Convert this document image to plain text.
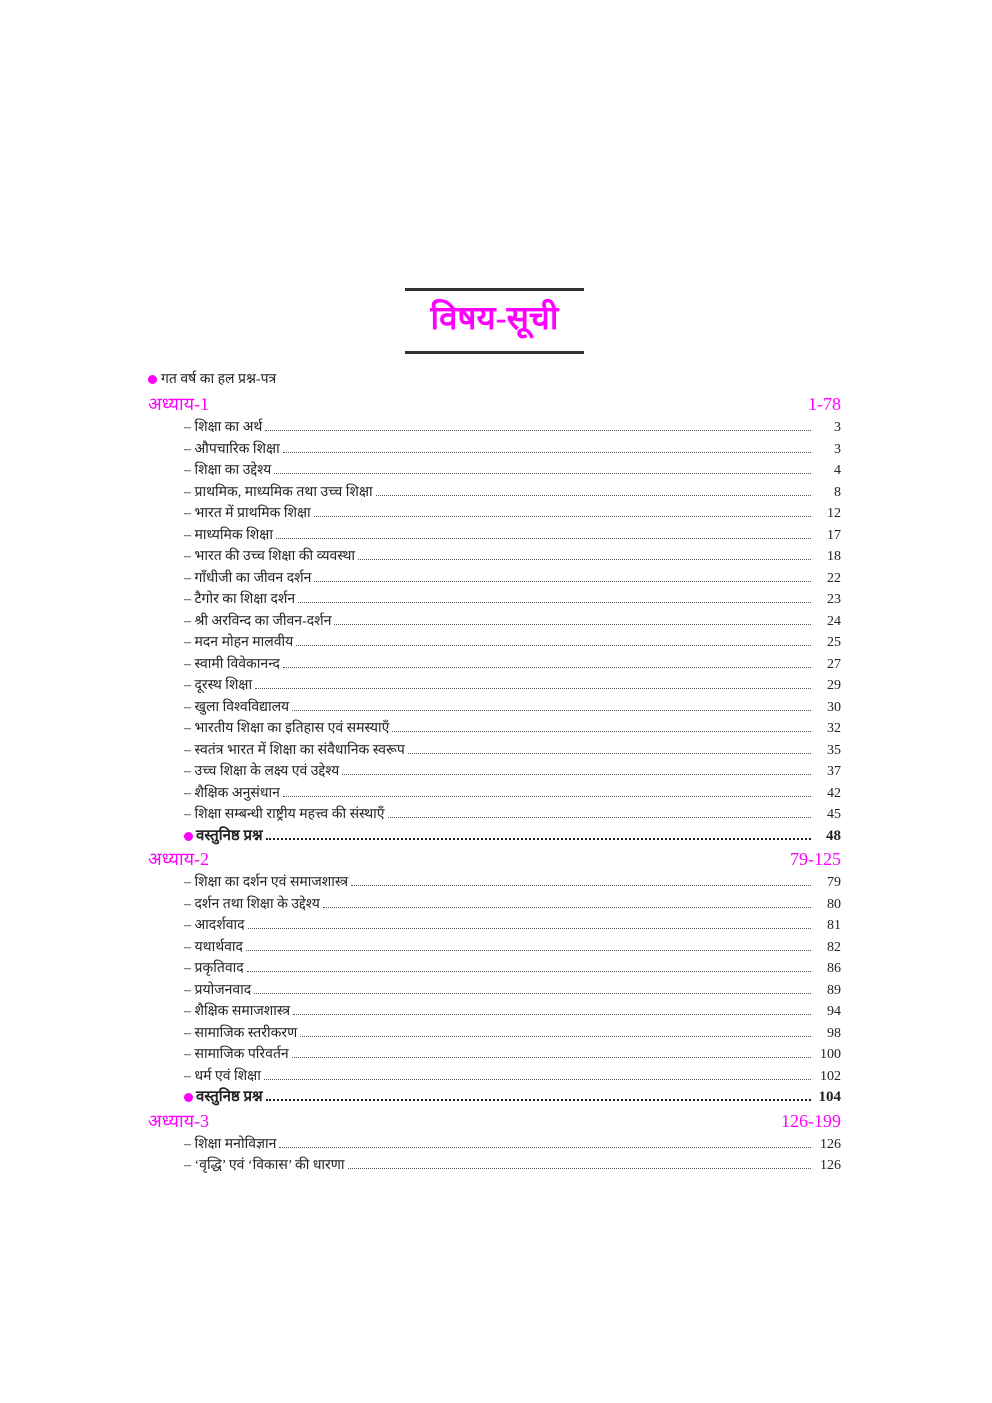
विषय-सूची
गत वर्ष का हल प्रश्न-पत्र
अध्याय-1	1-78
– शिक्षा का अर्थ	3
– औपचारिक शिक्षा	3
– शिक्षा का उद्देश्य	4
– प्राथमिक, माध्यमिक तथा उच्च शिक्षा	8
– भारत में प्राथमिक शिक्षा	12
– माध्यमिक शिक्षा	17
– भारत की उच्च शिक्षा की व्यवस्था	18
– गाँधीजी का जीवन दर्शन	22
– टैगोर का शिक्षा दर्शन	23
– श्री अरविन्द का जीवन-दर्शन	24
– मदन मोहन मालवीय	25
– स्वामी विवेकानन्द	27
– दूरस्थ शिक्षा	29
– खुला विश्वविद्यालय	30
– भारतीय शिक्षा का इतिहास एवं समस्याएँ	32
– स्वतंत्र भारत में शिक्षा का संवैधानिक स्वरूप	35
– उच्च शिक्षा के लक्ष्य एवं उद्देश्य	37
– शैक्षिक अनुसंधान	42
– शिक्षा सम्बन्धी राष्ट्रीय महत्त्व की संस्थाएँ	45
वस्तुनिष्ठ प्रश्न	48
अध्याय-2	79-125
– शिक्षा का दर्शन एवं समाजशास्त्र	79
– दर्शन तथा शिक्षा के उद्देश्य	80
– आदर्शवाद	81
– यथार्थवाद	82
– प्रकृतिवाद	86
– प्रयोजनवाद	89
– शैक्षिक समाजशास्त्र	94
– सामाजिक स्तरीकरण	98
– सामाजिक परिवर्तन	100
– धर्म एवं शिक्षा	102
वस्तुनिष्ठ प्रश्न	104
अध्याय-3	126-199
– शिक्षा मनोविज्ञान	126
– ‘वृद्धि’ एवं ‘विकास’ की धारणा	126
